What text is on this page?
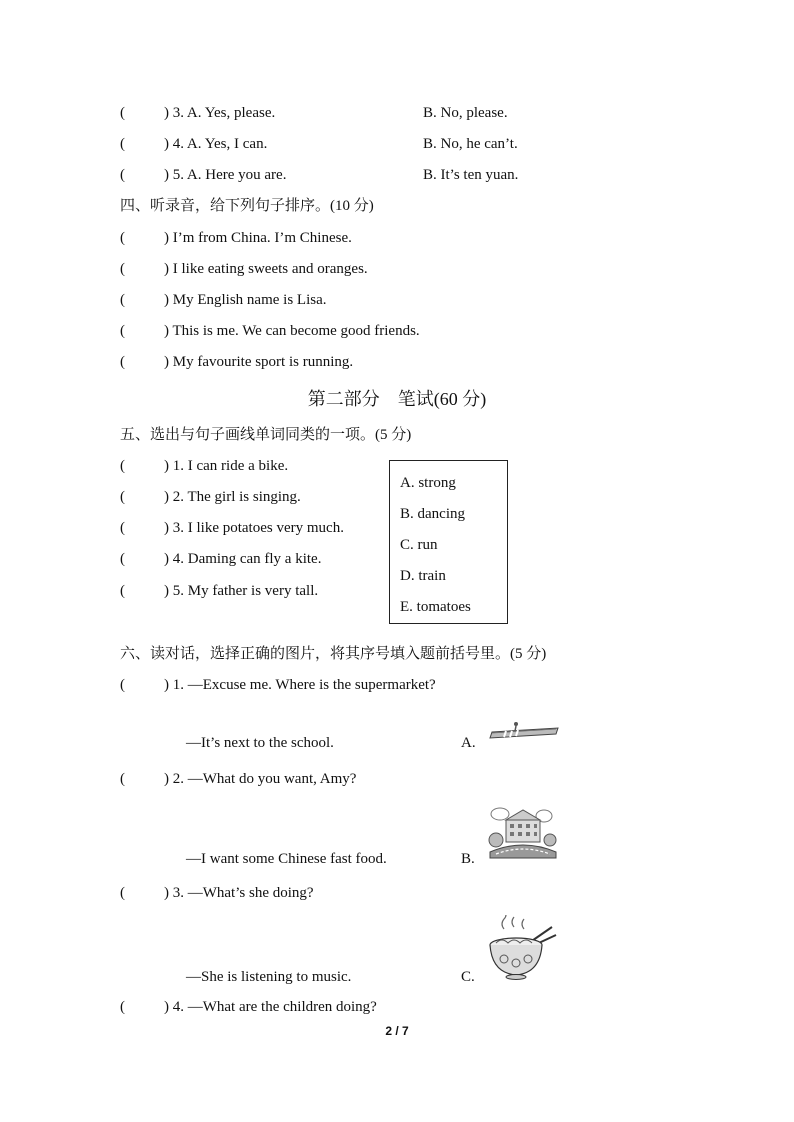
(	) 3. A. Yes, please.	B. No, please.
(	) 4. A. Yes, I can.	B. No, he can’t.
(	) 5. A. Here you are.	B. It’s ten yuan.
四、听录音，给下列句子排序。(10 分)
(	) I’m from China. I’m Chinese.
(	) I like eating sweets and oranges.
(	) My English name is Lisa.
(	) This is me. We can become good friends.
(	) My favourite sport is running.
第二部分　笔试(60 分)
五、选出与句子画线单词同类的一项。(5 分)
(	) 1. I can ride a bike.
(	) 2. The girl is singing.
(	) 3. I like potatoes very much.
(	) 4. Daming can fly a kite.
(	) 5. My father is very tall.
A. strong
B. dancing
C. run
D. train
E. tomatoes
六、读对话，选择正确的图片，将其序号填入题前括号里。(5 分)
(	) 1. —Excuse me. Where is the supermarket?
—It’s next to the school.	A.
(	) 2. —What do you want, Amy?
—I want some Chinese fast food.	B.
(	) 3. —What’s she doing?
—She is listening to music.	C.
(	) 4. —What are the children doing?
2 / 7
